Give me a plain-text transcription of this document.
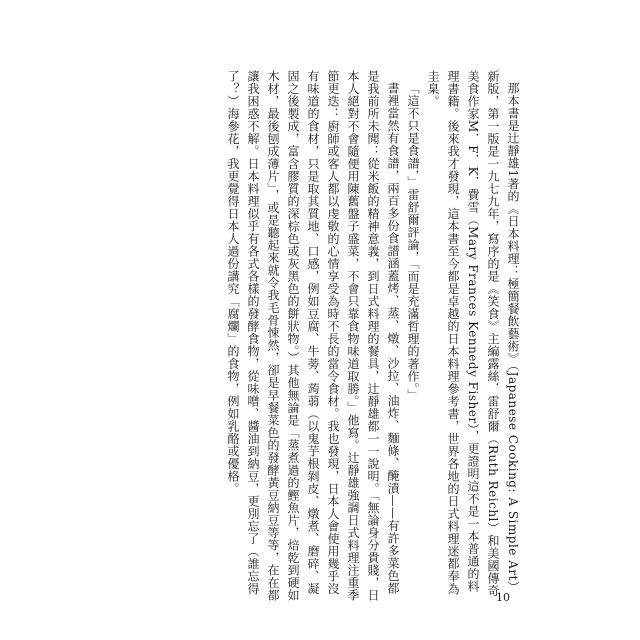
那本書是辻靜雄1著的《日本料理：極簡餐飲藝術》（Japanese Cooking: A Simple Art）新版，第一版是一九七九年，寫序的是《笑食》主編露絲．雷舒爾（Ruth Reichl）和美國傳奇美食作家M．F．K．費雪（Mary Frances Kennedy Fisher），更證明這不是一本普通的料理書籍。後來我才發現，這本書至今都是卓越的日本料理參考書，世界各地的日式料理迷都奉為圭臬。

「這不只是食譜，」雷舒爾評論，「而是充滿哲理的著作。」

書裡當然有食譜，兩百多份食譜涵蓋烤、蒸、燉、沙拉、油炸、麵條、醃漬——有許多菜色都是我前所未聞：從米飯的精神意義，到日式料理的餐具，辻靜雄都一一說明。「無論身分貴賤，日本人絕對不會隨便用陳舊盤子盛菜，不會只靠食物味道取勝。」他寫。辻靜雄強調日式料理注重季節更迭：廚師或客人都以虔敬的心情享受為時不長的當令食材。我也發現，日本人會使用幾乎沒有味道的食材，只是取其質地、口感，例如豆腐、牛蒡、蒟蒻（以鬼芋根剝皮、燉煮、磨碎、凝固之後製成，富含膠質的深棕色或灰黑色的餅狀物。）其他無論是「蒸煮過的鰹魚片，焙乾到硬如木材，最後刨成薄片」，或是聽起來就令我毛骨悚然，卻是早餐菜色的發酵黃豆納豆等等，在在都讓我困惑不解。日本料理似乎有各式各樣的發酵食物，從味噌、醬油到納豆，更別忘了（誰忘得了？）海參花，我更覺得日本人過份講究「腐爛」的食物，例如乳酪或優格。

10
